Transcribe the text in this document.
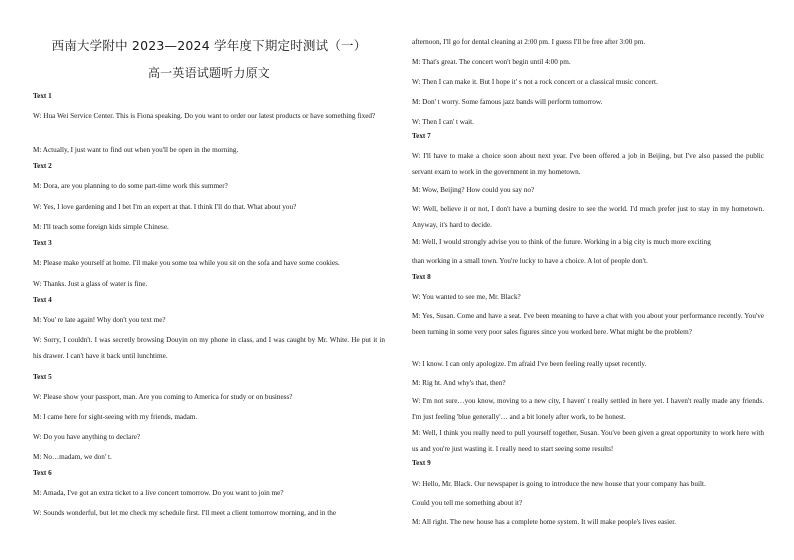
西南大学附中 2023—2024 学年度下期定时测试（一）
高一英语试题听力原文
Text 1

W: Hua Wei Service Center. This is Fiona speaking. Do you want to order our latest products or have something fixed?

M: Actually, I just want to find out when you'll be open in the morning.

Text 2

M: Dora, are you planning to do some part-time work this summer?

W: Yes, I love gardening and I bet I'm an expert at that. I think I'll do that. What about you?

M: I'll teach some foreign kids simple Chinese.

Text 3

M: Please make yourself at home. I'll make you some tea while you sit on the sofa and have some cookies.

W: Thanks. Just a glass of water is fine.

Text 4

M: You' re late again! Why don't you text me?

W: Sorry, I couldn't. I was secretly browsing Douyin on my phone in class, and I was caught by Mr. White. He put it in his drawer. I can't have it back until lunchtime.

Text 5

W: Please show your passport, man. Are you coming to America for study or on business?

M: I came here for sight-seeing with my friends, madam.

W: Do you have anything to declare?

M: No…madam, we don' t.

Text 6

M: Amada, I've got an extra ticket to a live concert tomorrow. Do you want to join me?

W: Sounds wonderful, but let me check my schedule first. I'll meet a client tomorrow morning, and in the

afternoon, I'll go for dental cleaning at 2:00 pm. I guess I'll be free after 3:00 pm.

M: That's great. The concert won't begin until 4:00 pm.

W: Then I can make it. But I hope it' s not a rock concert or a classical music concert.

M: Don' t worry. Some famous jazz bands will perform tomorrow.

W: Then I can' t wait.

Text 7

W: I'll have to make a choice soon about next year. I've been offered a job in Beijing, but I've also passed the public servant exam to work in the government in my hometown.

M: Wow, Beijing? How could you say no?

W: Well, believe it or not, I don't have a burning desire to see the world. I'd much prefer just to stay in my hometown. Anyway, it's hard to decide.

M: Well, I would strongly advise you to think of the future. Working in a big city is much more exciting

than working in a small town. You're lucky to have a choice. A lot of people don't.

Text 8

W: You wanted to see me, Mr. Black?

M: Yes, Susan. Come and have a seat. I've been meaning to have a chat with you about your performance recently. You've been turning in some very poor sales figures since you worked here. What might be the problem?

W: I know. I can only apologize. I'm afraid I've been feeling really upset recently.

M: Rig ht. And why's that, then?

W: I'm not sure…you know, moving to a new city, I haven' t really settled in here yet. I haven't really made any friends. I'm just feeling 'blue generally'… and a bit lonely after work, to be honest.

M: Well, I think you really need to pull yourself together, Susan. You've been given a great opportunity to work here with us and you're just wasting it. I really need to start seeing some results!

Text 9

W: Hello, Mr. Black. Our newspaper is going to introduce the new house that your company has built.

Could you tell me something about it?

M: All right. The new house has a complete home system. It will make people's lives easier.
